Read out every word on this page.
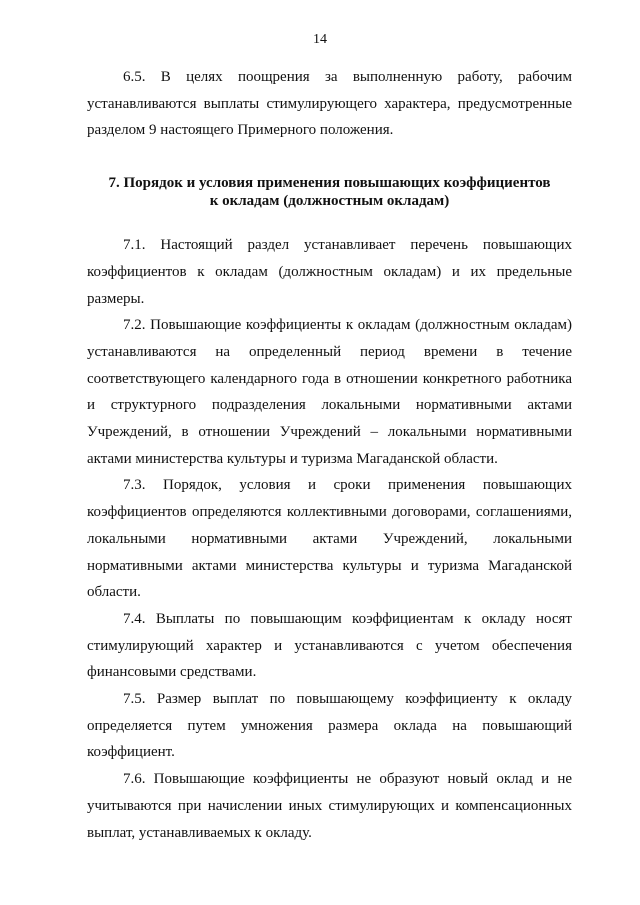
14

6.5. В целях поощрения за выполненную работу, рабочим устанавливаются выплаты стимулирующего характера, предусмотренные разделом 9 настоящего Примерного положения.

7. Порядок и условия применения повышающих коэффициентов
к окладам (должностным окладам)

7.1. Настоящий раздел устанавливает перечень повышающих коэффициентов к окладам (должностным окладам) и их предельные размеры.

7.2. Повышающие коэффициенты к окладам (должностным окладам) устанавливаются на определенный период времени в течение соответствующего календарного года в отношении конкретного работника и структурного подразделения локальными нормативными актами Учреждений, в отношении Учреждений – локальными нормативными актами министерства культуры и туризма Магаданской области.

7.3. Порядок, условия и сроки применения повышающих коэффициентов определяются коллективными договорами, соглашениями, локальными нормативными актами Учреждений, локальными нормативными актами министерства культуры и туризма Магаданской области.

7.4. Выплаты по повышающим коэффициентам к окладу носят стимулирующий характер и устанавливаются с учетом обеспечения финансовыми средствами.

7.5. Размер выплат по повышающему коэффициенту к окладу определяется путем умножения размера оклада на повышающий коэффициент.

7.6. Повышающие коэффициенты не образуют новый оклад и не учитываются при начислении иных стимулирующих и компенсационных выплат, устанавливаемых к окладу.
